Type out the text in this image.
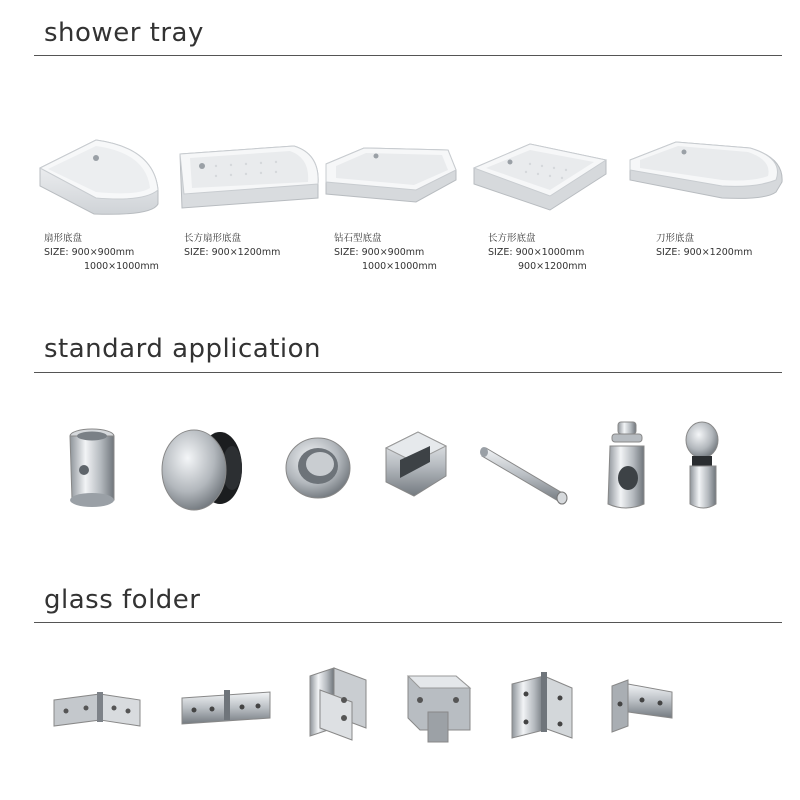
shower tray
扇形底盘
SIZE: 900×900mm
1000×1000mm
长方扇形底盘
SIZE: 900×1200mm
钻石型底盘
SIZE: 900×900mm
1000×1000mm
长方形底盘
SIZE: 900×1000mm
900×1200mm
刀形底盘
SIZE: 900×1200mm
standard application
glass folder
